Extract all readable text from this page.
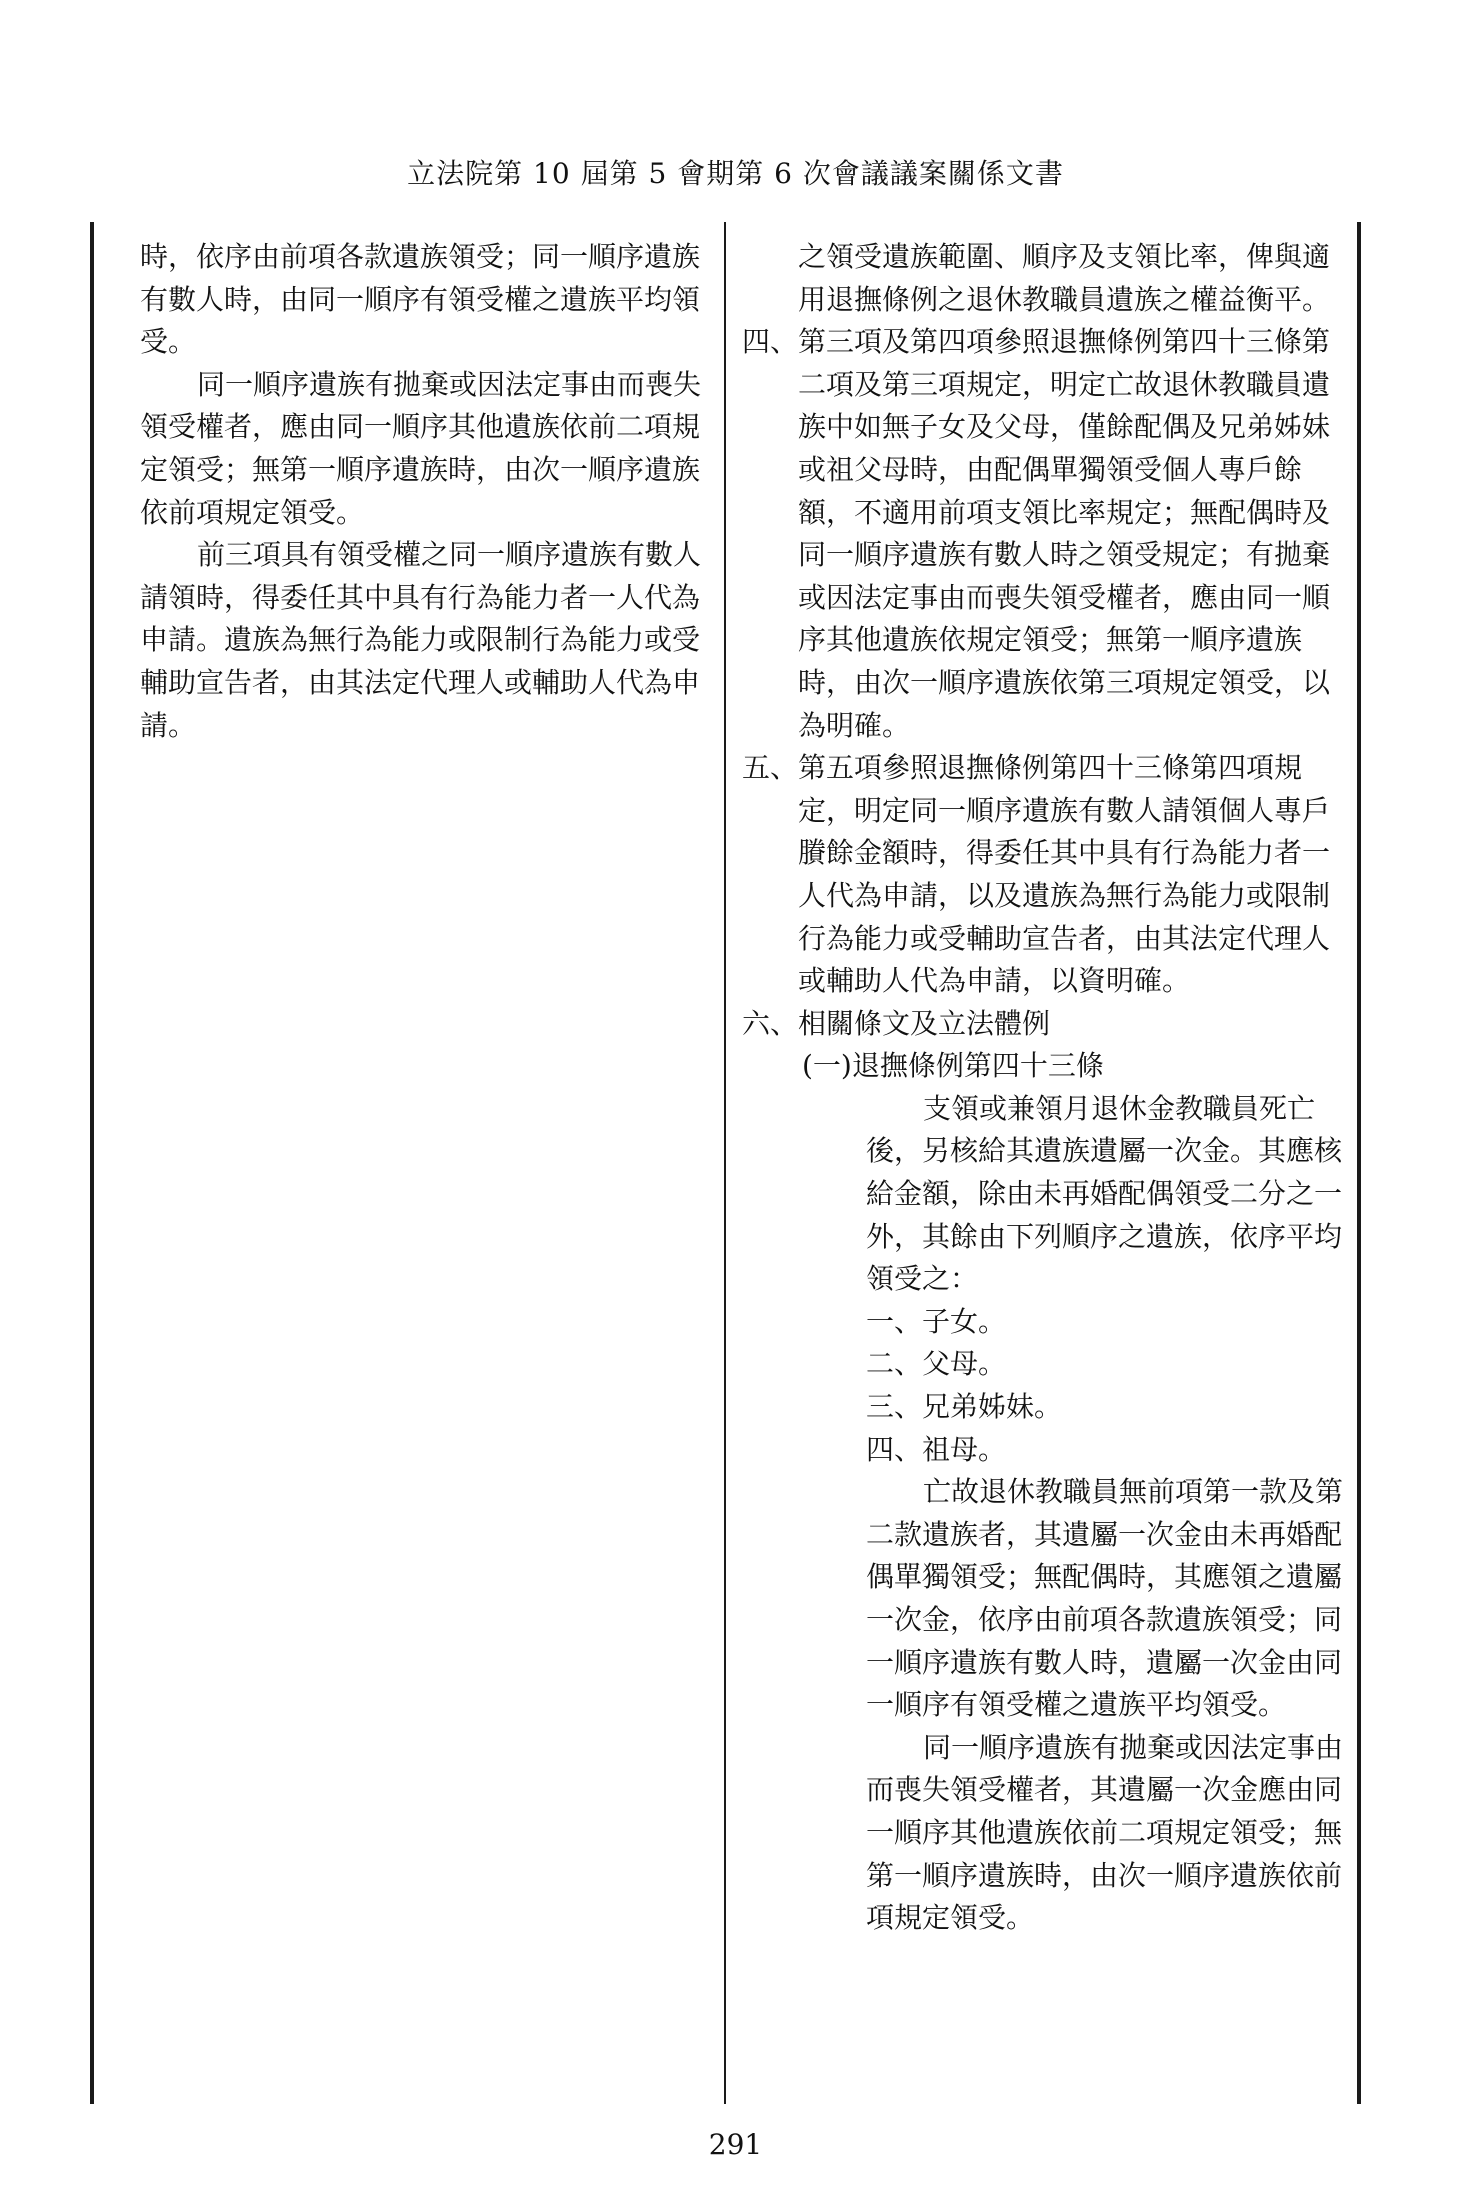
立法院第 10 屆第 5 會期第 6 次會議議案關係文書

時，依序由前項各款遺族領受；同一順序遺族有數人時，由同一順序有領受權之遺族平均領受。

同一順序遺族有拋棄或因法定事由而喪失領受權者，應由同一順序其他遺族依前二項規定領受；無第一順序遺族時，由次一順序遺族依前項規定領受。

前三項具有領受權之同一順序遺族有數人請領時，得委任其中具有行為能力者一人代為申請。遺族為無行為能力或限制行為能力或受輔助宣告者，由其法定代理人或輔助人代為申請。

之領受遺族範圍、順序及支領比率，俾與適用退撫條例之退休教職員遺族之權益衡平。

四、 第三項及第四項參照退撫條例第四十三條第二項及第三項規定，明定亡故退休教職員遺族中如無子女及父母，僅餘配偶及兄弟姊妹或祖父母時，由配偶單獨領受個人專戶餘額，不適用前項支領比率規定；無配偶時及同一順序遺族有數人時之領受規定；有拋棄或因法定事由而喪失領受權者，應由同一順序其他遺族依規定領受；無第一順序遺族時，由次一順序遺族依第三項規定領受，以為明確。
五、 第五項參照退撫條例第四十三條第四項規定，明定同一順序遺族有數人請領個人專戶賸餘金額時，得委任其中具有行為能力者一人代為申請，以及遺族為無行為能力或限制行為能力或受輔助宣告者，由其法定代理人或輔助人代為申請，以資明確。
六、 相關條文及立法體例

(一)退撫條例第四十三條

支領或兼領月退休金教職員死亡後，另核給其遺族遺屬一次金。其應核給金額，除由未再婚配偶領受二分之一外，其餘由下列順序之遺族，依序平均領受之：

一、子女。

二、父母。

三、兄弟姊妹。

四、祖母。

亡故退休教職員無前項第一款及第二款遺族者，其遺屬一次金由未再婚配偶單獨領受；無配偶時，其應領之遺屬一次金，依序由前項各款遺族領受；同一順序遺族有數人時，遺屬一次金由同一順序有領受權之遺族平均領受。

同一順序遺族有拋棄或因法定事由而喪失領受權者，其遺屬一次金應由同一順序其他遺族依前二項規定領受；無第一順序遺族時，由次一順序遺族依前項規定領受。

291
